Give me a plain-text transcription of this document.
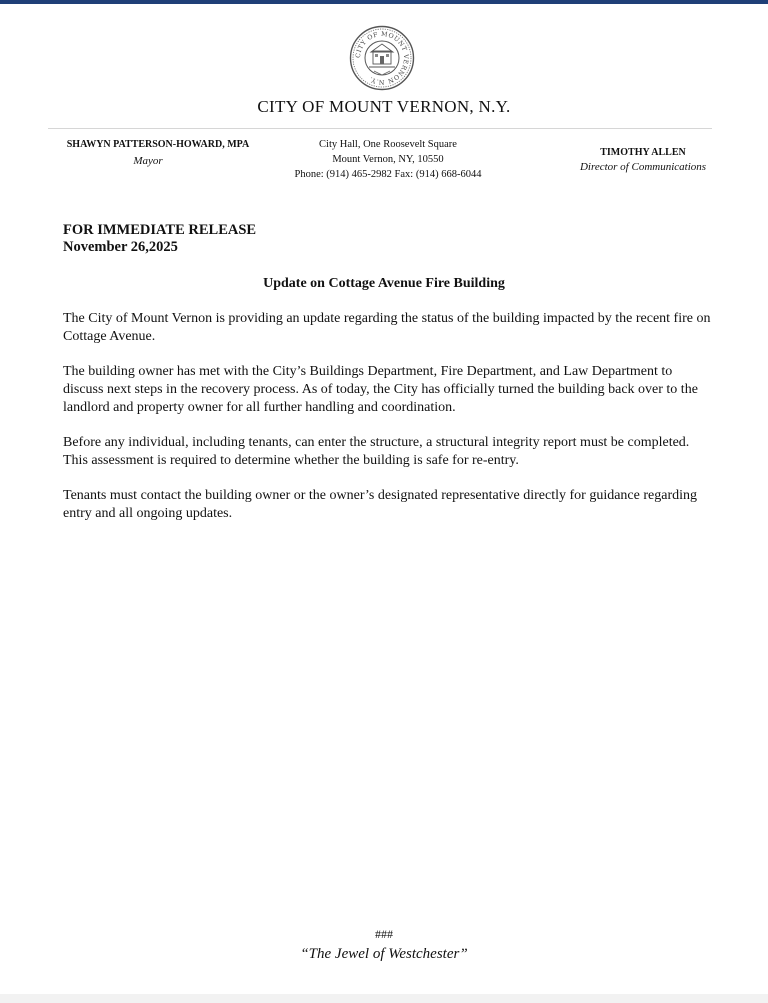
CITY OF MOUNT VERNON N.Y.
CITY OF MOUNT VERNON, N.Y.
SHAWYN PATTERSON-HOWARD, MPA
Mayor
City Hall, One Roosevelt Square
Mount Vernon, NY, 10550
Phone: (914) 465-2982 Fax: (914) 668-6044
TIMOTHY ALLEN
Director of Communications
FOR IMMEDIATE RELEASE
November 26,2025
Update on Cottage Avenue Fire Building

The City of Mount Vernon is providing an update regarding the status of the building impacted by the recent fire on Cottage Avenue.

The building owner has met with the City’s Buildings Department, Fire Department, and Law Department to discuss next steps in the recovery process. As of today, the City has officially turned the building back over to the landlord and property owner for all further handling and coordination.

Before any individual, including tenants, can enter the structure, a structural integrity report must be completed. This assessment is required to determine whether the building is safe for re-entry.

Tenants must contact the building owner or the owner’s designated representative directly for guidance regarding entry and all ongoing updates.

###
“The Jewel of Westchester”
